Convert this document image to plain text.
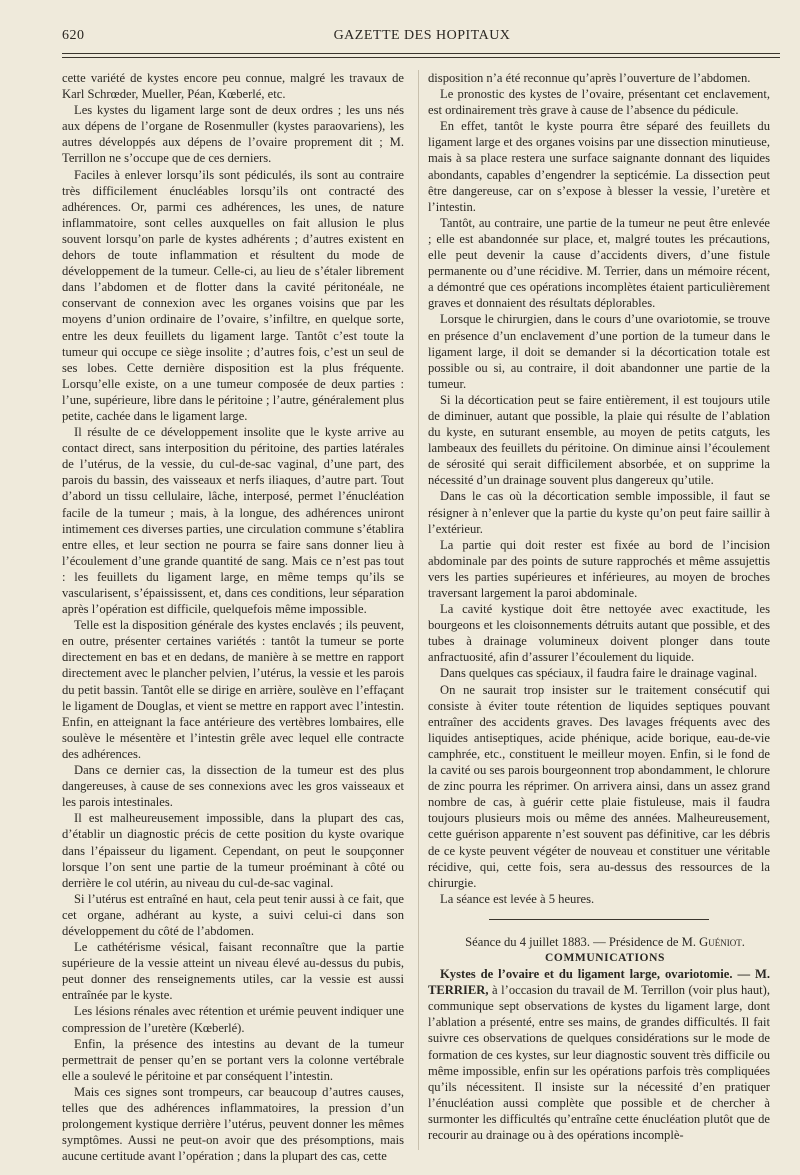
620	GAZETTE DES HOPITAUX

cette variété de kystes encore peu connue, malgré les travaux de Karl Schrœder, Mueller, Péan, Kœberlé, etc.

Les kystes du ligament large sont de deux ordres ; les uns nés aux dépens de l’organe de Rosenmuller (kystes paraovariens), les autres développés aux dépens de l’ovaire proprement dit ; M. Terrillon ne s’occupe que de ces derniers.

Faciles à enlever lorsqu’ils sont pédiculés, ils sont au contraire très difficilement énucléables lorsqu’ils ont contracté des adhérences. Or, parmi ces adhérences, les unes, de nature inflammatoire, sont celles auxquelles on fait allusion le plus souvent lorsqu’on parle de kystes adhérents ; d’autres existent en dehors de toute inflammation et résultent du mode de développement de la tumeur. Celle-ci, au lieu de s’étaler librement dans l’abdomen et de flotter dans la cavité péritonéale, ne conservant de connexion avec les organes voisins que par les moyens d’union ordinaire de l’ovaire, s’infiltre, en quelque sorte, entre les deux feuillets du ligament large. Tantôt c’est toute la tumeur qui occupe ce siège insolite ; d’autres fois, c’est un seul de ses lobes. Cette dernière disposition est la plus fréquente. Lorsqu’elle existe, on a une tumeur composée de deux parties : l’une, supérieure, libre dans le péritoine ; l’autre, généralement plus petite, cachée dans le ligament large.

Il résulte de ce développement insolite que le kyste arrive au contact direct, sans interposition du péritoine, des parties latérales de l’utérus, de la vessie, du cul-de-sac vaginal, d’une part, des parois du bassin, des vaisseaux et nerfs iliaques, d’autre part. Tout d’abord un tissu cellulaire, lâche, interposé, permet l’énucléation facile de la tumeur ; mais, à la longue, des adhérences uniront intimement ces diverses parties, une circulation commune s’établira entre elles, et leur section ne pourra se faire sans donner lieu à l’écoulement d’une grande quantité de sang. Mais ce n’est pas tout : les feuillets du ligament large, en même temps qu’ils se vascularisent, s’épaississent, et, dans ces conditions, leur séparation après l’opération est difficile, quelquefois même impossible.

Telle est la disposition générale des kystes enclavés ; ils peuvent, en outre, présenter certaines variétés : tantôt la tumeur se porte directement en bas et en dedans, de manière à se mettre en rapport directement avec le plancher pelvien, l’utérus, la vessie et les parois du petit bassin. Tantôt elle se dirige en arrière, soulève en l’effaçant le ligament de Douglas, et vient se mettre en rapport avec l’intestin. Enfin, en atteignant la face antérieure des vertèbres lombaires, elle soulève le mésentère et l’intestin grêle avec lequel elle contracte des adhérences.

Dans ce dernier cas, la dissection de la tumeur est des plus dangereuses, à cause de ses connexions avec les gros vaisseaux et les parois intestinales.

Il est malheureusement impossible, dans la plupart des cas, d’établir un diagnostic précis de cette position du kyste ovarique dans l’épaisseur du ligament. Cependant, on peut le soupçonner lorsque l’on sent une partie de la tumeur proéminant à côté ou derrière le col utérin, au niveau du cul-de-sac vaginal.

Si l’utérus est entraîné en haut, cela peut tenir aussi à ce fait, que cet organe, adhérant au kyste, a suivi celui-ci dans son développement du côté de l’abdomen.

Le cathétérisme vésical, faisant reconnaître que la partie supérieure de la vessie atteint un niveau élevé au-dessus du pubis, peut donner des renseignements utiles, car la vessie est aussi entraînée par le kyste.

Les lésions rénales avec rétention et urémie peuvent indiquer une compression de l’uretère (Kœberlé).

Enfin, la présence des intestins au devant de la tumeur permettrait de penser qu’en se portant vers la colonne vertébrale elle a soulevé le péritoine et par conséquent l’intestin.

Mais ces signes sont trompeurs, car beaucoup d’autres causes, telles que des adhérences inflammatoires, la pression d’un prolongement kystique derrière l’utérus, peuvent donner les mêmes symptômes. Aussi ne peut-on avoir que des présomptions, mais aucune certitude avant l’opération ; dans la plupart des cas, cette

disposition n’a été reconnue qu’après l’ouverture de l’abdomen.

Le pronostic des kystes de l’ovaire, présentant cet enclavement, est ordinairement très grave à cause de l’absence du pédicule.

En effet, tantôt le kyste pourra être séparé des feuillets du ligament large et des organes voisins par une dissection minutieuse, mais à sa place restera une surface saignante donnant des liquides abondants, capables d’engendrer la septicémie. La dissection peut être dangereuse, car on s’expose à blesser la vessie, l’uretère et l’intestin.

Tantôt, au contraire, une partie de la tumeur ne peut être enlevée ; elle est abandonnée sur place, et, malgré toutes les précautions, elle peut devenir la cause d’accidents divers, d’une fistule permanente ou d’une récidive. M. Terrier, dans un mémoire récent, a démontré que ces opérations incomplètes étaient particulièrement graves et donnaient des résultats déplorables.

Lorsque le chirurgien, dans le cours d’une ovariotomie, se trouve en présence d’un enclavement d’une portion de la tumeur dans le ligament large, il doit se demander si la décortication totale est possible ou si, au contraire, il doit abandonner une partie de la tumeur.

Si la décortication peut se faire entièrement, il est toujours utile de diminuer, autant que possible, la plaie qui résulte de l’ablation du kyste, en suturant ensemble, au moyen de petits catguts, les lambeaux des feuillets du péritoine. On diminue ainsi l’écoulement de sérosité qui serait difficilement absorbée, et on supprime la nécessité d’un drainage souvent plus dangereux qu’utile.

Dans le cas où la décortication semble impossible, il faut se résigner à n’enlever que la partie du kyste qu’on peut faire saillir à l’extérieur.

La partie qui doit rester est fixée au bord de l’incision abdominale par des points de suture rapprochés et même assujettis vers les parties supérieures et inférieures, au moyen de broches traversant largement la paroi abdominale.

La cavité kystique doit être nettoyée avec exactitude, les bourgeons et les cloisonnements détruits autant que possible, et des tubes à drainage volumineux doivent plonger dans toute anfractuosité, afin d’assurer l’écoulement du liquide.

Dans quelques cas spéciaux, il faudra faire le drainage vaginal.

On ne saurait trop insister sur le traitement consécutif qui consiste à éviter toute rétention de liquides septiques pouvant entraîner des accidents graves. Des lavages fréquents avec des liquides antiseptiques, acide phénique, acide borique, eau-de-vie camphrée, etc., constituent le meilleur moyen. Enfin, si le fond de la cavité ou ses parois bourgeonnent trop abondamment, le chlorure de zinc pourra les réprimer. On arrivera ainsi, dans un assez grand nombre de cas, à guérir cette plaie fistuleuse, mais il faudra toujours plusieurs mois ou même des années. Malheureusement, cette guérison apparente n’est souvent pas définitive, car les débris de ce kyste peuvent végéter de nouveau et constituer une véritable récidive, qui, cette fois, sera au-dessus des ressources de la chirurgie.

La séance est levée à 5 heures.

Séance du 4 juillet 1883. — Présidence de M. Guéniot.

COMMUNICATIONS

Kystes de l’ovaire et du ligament large, ovariotomie. — M. TERRIER, à l’occasion du travail de M. Terrillon (voir plus haut), communique sept observations de kystes du ligament large, dont l’ablation a présenté, entre ses mains, de grandes difficultés. Il fait suivre ces observations de quelques considérations sur le mode de formation de ces kystes, sur leur diagnostic souvent très difficile ou même impossible, enfin sur les opérations parfois très compliquées qu’ils nécessitent. Il insiste sur la nécessité d’en pratiquer l’énucléation aussi complète que possible et de chercher à surmonter les difficultés qu’entraîne cette énucléation plutôt que de recourir au drainage ou à des opérations incomplè-
